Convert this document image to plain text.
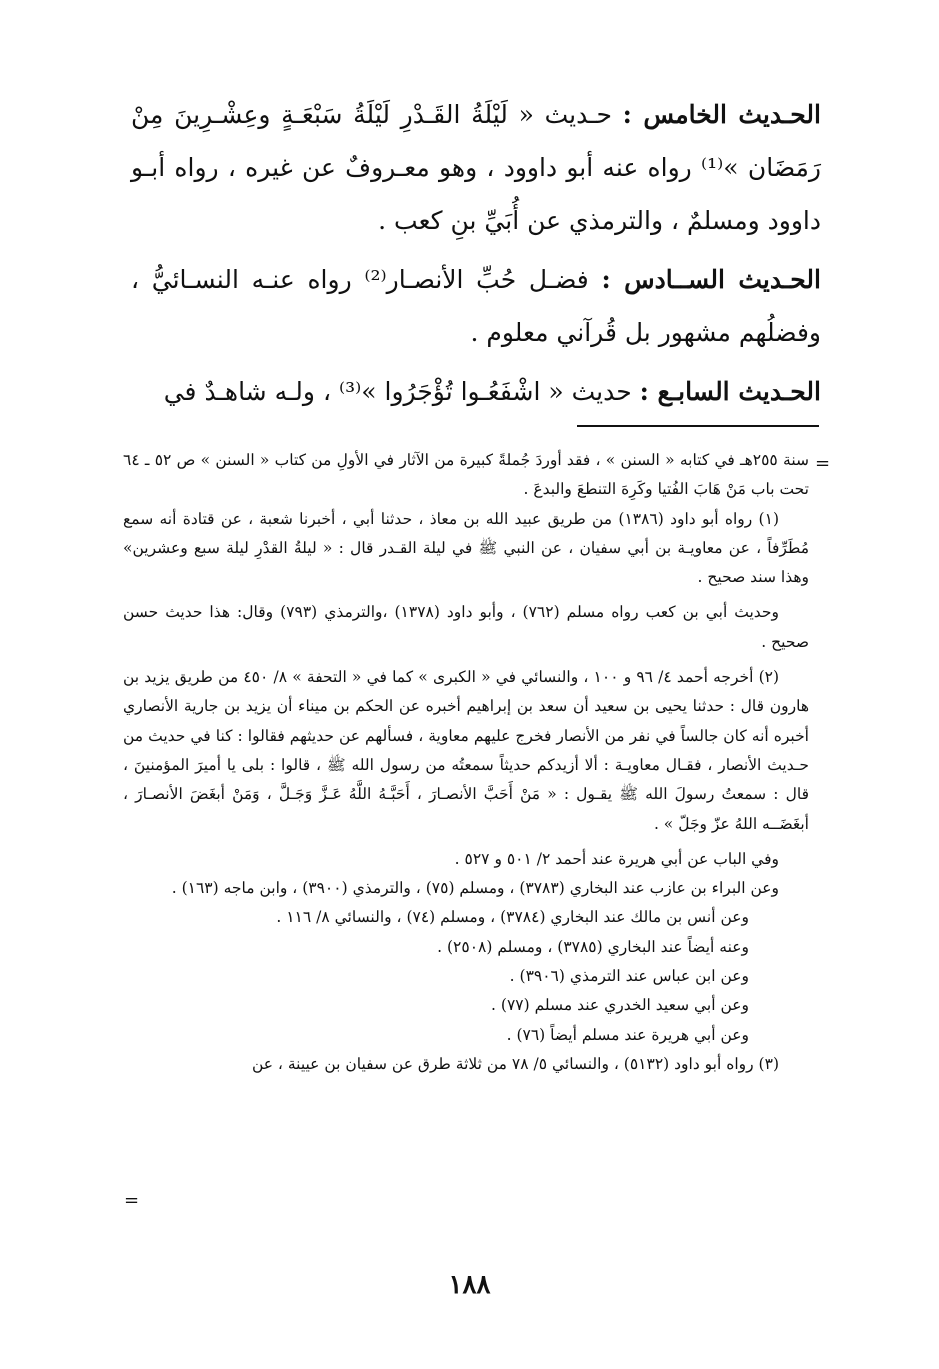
الحـديث الخامس : حـديث « لَيْلَةُ القَـدْرِ لَيْلَةُ سَبْعَـةٍ وعِشْـرِينَ مِنْ رَمَضَان »⁽¹⁾ رواه عنه أبو داوود ، وهو معـروفٌ عن غيره ، رواه أبـو داوود ومسلمٌ ، والترمذي عن أُبَيِّ بنِ كعب .

الحـديث الســادس : فضـل حُبِّ الأنصـار⁽²⁾ رواه عنـه النسـائيُّ ، وفضلُهم مشهور بل قُرآني معلوم .

الحـديث السابـع : حديث « اشْفَعُـوا تُؤْجَرُوا »⁽³⁾ ، ولـه شاهـدٌ في

=

سنة ٢٥٥هـ في كتابه « السنن » ، فقد أوردَ جُملةً كبيرة من الآثار في الأولِ من كتاب « السنن » ص ٥٢ ـ ٦٤ تحت باب مَنْ هَابَ الفُتيا وكَرِهَ التنطعَ والبدعَ .

(١) رواه أبو داود (١٣٨٦) من طريق عبيد الله بن معاذ ، حدثنا أبي ، أخبرنا شعبة ، عن قتادة أنه سمع مُطَرِّفاً ، عن معاويـة بن أبي سفيان ، عن النبي ﷺ في ليلة القـدر قال : « ليلةُ القدْرِ ليلة سبع وعشرين» وهذا سند صحيح .

وحديث أبي بن كعب رواه مسلم (٧٦٢) ، وأبو داود (١٣٧٨) ،والترمذي (٧٩٣) وقال: هذا حديث حسن صحيح .

(٢) أخرجه أحمد ٤/ ٩٦ و ١٠٠ ، والنسائي في « الكبرى » كما في « التحفة » ٨/ ٤٥٠ من طريق يزيد بن هارون قال : حدثنا يحيى بن سعيد أن سعد بن إبراهيم أخبره عن الحكم بن ميناء أن يزيد بن جارية الأنصاري أخبره أنه كان جالساً في نفر من الأنصار فخرج عليهم معاوية ، فسألهم عن حديثهم فقالوا : كنا في حديث من حـديث الأنصار ، فقـال معاويـة : ألا أزيدكم حديثاً سمعتُه من رسول الله ﷺ ، قالوا : بلى يا أميرَ المؤمنينَ ، قال : سمعتُ رسولَ الله ﷺ يقـول : « مَنْ أَحَبَّ الأنصـارَ ، أَحَبَّـهُ اللَّهُ عَـزَّ وَجَـلَّ ، وَمَنْ أبغَضَ الأنصـارَ ، أبغَضَــه اللهُ عزّ وجَلّ » .

وفي الباب عن أبي هريرة عند أحمد ٢/ ٥٠١ و ٥٢٧ .

وعن البراء بن عازب عند البخاري (٣٧٨٣) ، ومسلم (٧٥) ، والترمذي (٣٩٠٠) ، وابن ماجه (١٦٣) .

وعن أنس بن مالك عند البخاري (٣٧٨٤) ، ومسلم (٧٤) ، والنسائي ٨/ ١١٦ .

وعنه أيضاً عند البخاري (٣٧٨٥) ، ومسلم (٢٥٠٨) .

وعن ابن عباس عند الترمذي (٣٩٠٦) .

وعن أبي سعيد الخدري عند مسلم (٧٧) .

وعن أبي هريرة عند مسلم أيضاً (٧٦) .

(٣) رواه أبو داود (٥١٣٢) ، والنسائي ٥/ ٧٨ من ثلاثة طرق عن سفيان بن عيينة ، عن

=
١٨٨
